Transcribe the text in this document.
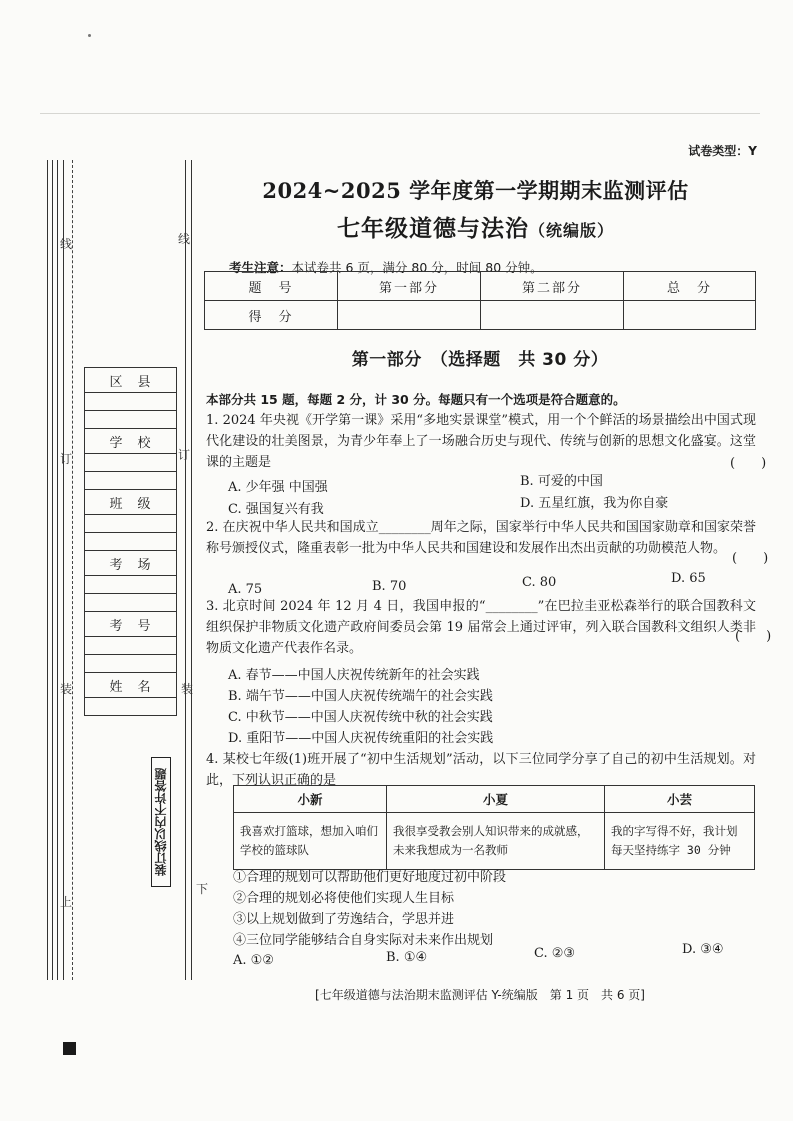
线	线
订	订
装	装
上
下
区　县

学　校

班　级

考　场

考　号

姓　名

装订线以内不许答题
试卷类型：Y
2024~2025 学年度第一学期期末监测评估
七年级道德与法治（统编版）
考生注意：本试卷共 6 页，满分 80 分，时间 80 分钟。
题　号	第一部分	第二部分	总　分
得　分			
第一部分　（选择题　共 30 分）
本部分共 15 题，每题 2 分，计 30 分。每题只有一个选项是符合题意的。
1. 2024 年央视《开学第一课》采用“多地实景课堂”模式，用一个个鲜活的场景描绘出中国式现代化建设的壮美图景，为青少年奉上了一场融合历史与现代、传统与创新的思想文化盛宴。这堂课的主题是	(　　)
A. 少年强 中国强	B. 可爱的中国
C. 强国复兴有我	D. 五星红旗，我为你自豪
2. 在庆祝中华人民共和国成立________周年之际，国家举行中华人民共和国国家勋章和国家荣誉称号颁授仪式，隆重表彰一批为中华人民共和国建设和发展作出杰出贡献的功勋模范人物。
(　　)
A. 75	B. 70	C. 80	D. 65
3. 北京时间 2024 年 12 月 4 日，我国申报的“________”在巴拉圭亚松森举行的联合国教科文组织保护非物质文化遗产政府间委员会第 19 届常会上通过评审，列入联合国教科文组织人类非物质文化遗产代表作名录。
(　　)
A. 春节——中国人庆祝传统新年的社会实践
B. 端午节——中国人庆祝传统端午的社会实践
C. 中秋节——中国人庆祝传统中秋的社会实践
D. 重阳节——中国人庆祝传统重阳的社会实践
4. 某校七年级(1)班开展了“初中生活规划”活动，以下三位同学分享了自己的初中生活规划。对此，下列认识正确的是
小新	小夏	小芸
我喜欢打篮球，想加入咱们学校的篮球队	我很享受教会别人知识带来的成就感，未来我想成为一名教师	我的字写得不好，我计划每天坚持练字 30 分钟
①合理的规划可以帮助他们更好地度过初中阶段
②合理的规划必将使他们实现人生目标
③以上规划做到了劳逸结合，学思并进
④三位同学能够结合自身实际对未来作出规划
A. ①②	B. ①④	C. ②③	D. ③④
[七年级道德与法治期末监测评估 Y-统编版　第 1 页　共 6 页]
